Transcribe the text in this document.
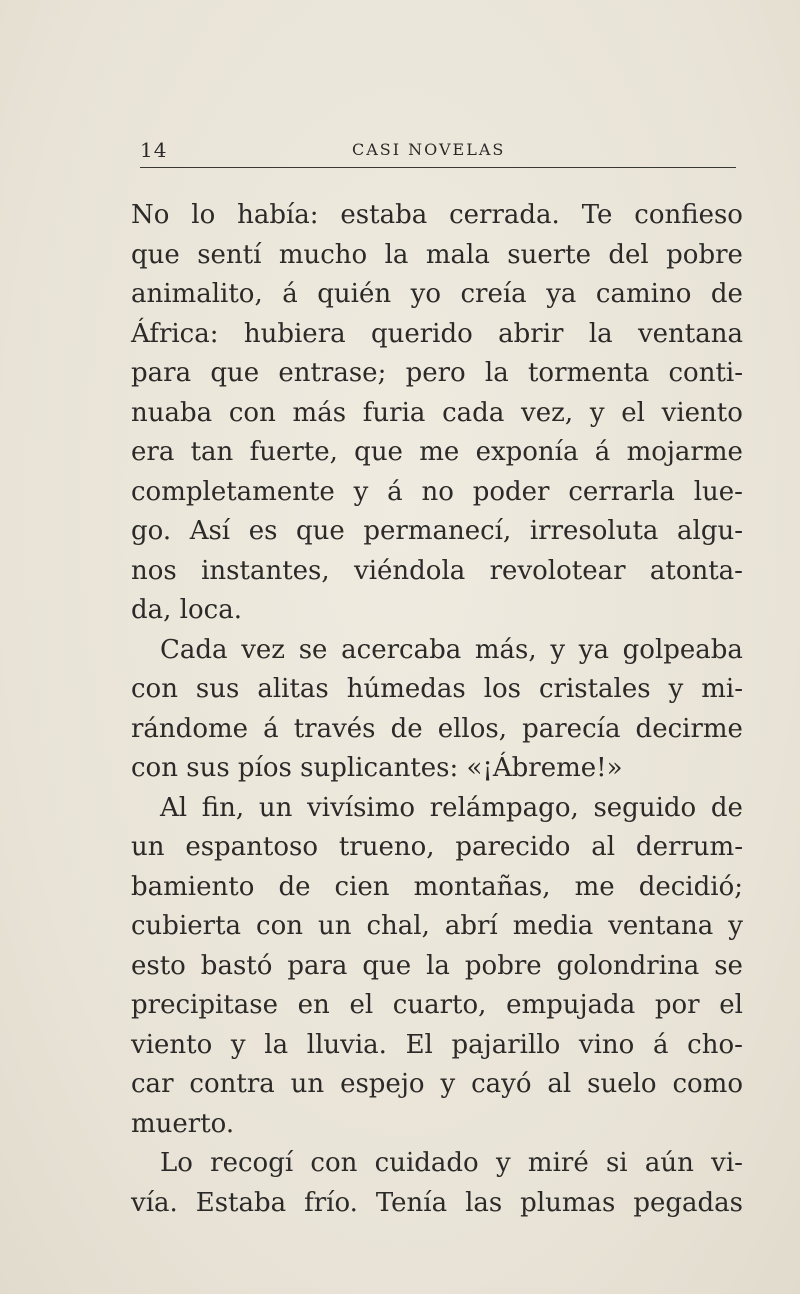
14	CASI NOVELAS
No lo había: estaba cerrada. Te confieso
que sentí mucho la mala suerte del pobre
animalito, á quién yo creía ya camino de
África: hubiera querido abrir la ventana
para que entrase; pero la tormenta conti-
nuaba con más furia cada vez, y el viento
era tan fuerte, que me exponía á mojarme
completamente y á no poder cerrarla lue-
go. Así es que permanecí, irresoluta algu-
nos instantes, viéndola revolotear atonta-
da, loca.
Cada vez se acercaba más, y ya golpeaba
con sus alitas húmedas los cristales y mi-
rándome á través de ellos, parecía decirme
con sus píos suplicantes: «¡Ábreme!»
Al fin, un vivísimo relámpago, seguido de
un espantoso trueno, parecido al derrum-
bamiento de cien montañas, me decidió;
cubierta con un chal, abrí media ventana y
esto bastó para que la pobre golondrina se
precipitase en el cuarto, empujada por el
viento y la lluvia. El pajarillo vino á cho-
car contra un espejo y cayó al suelo como
muerto.
Lo recogí con cuidado y miré si aún vi-
vía. Estaba frío. Tenía las plumas pegadas
